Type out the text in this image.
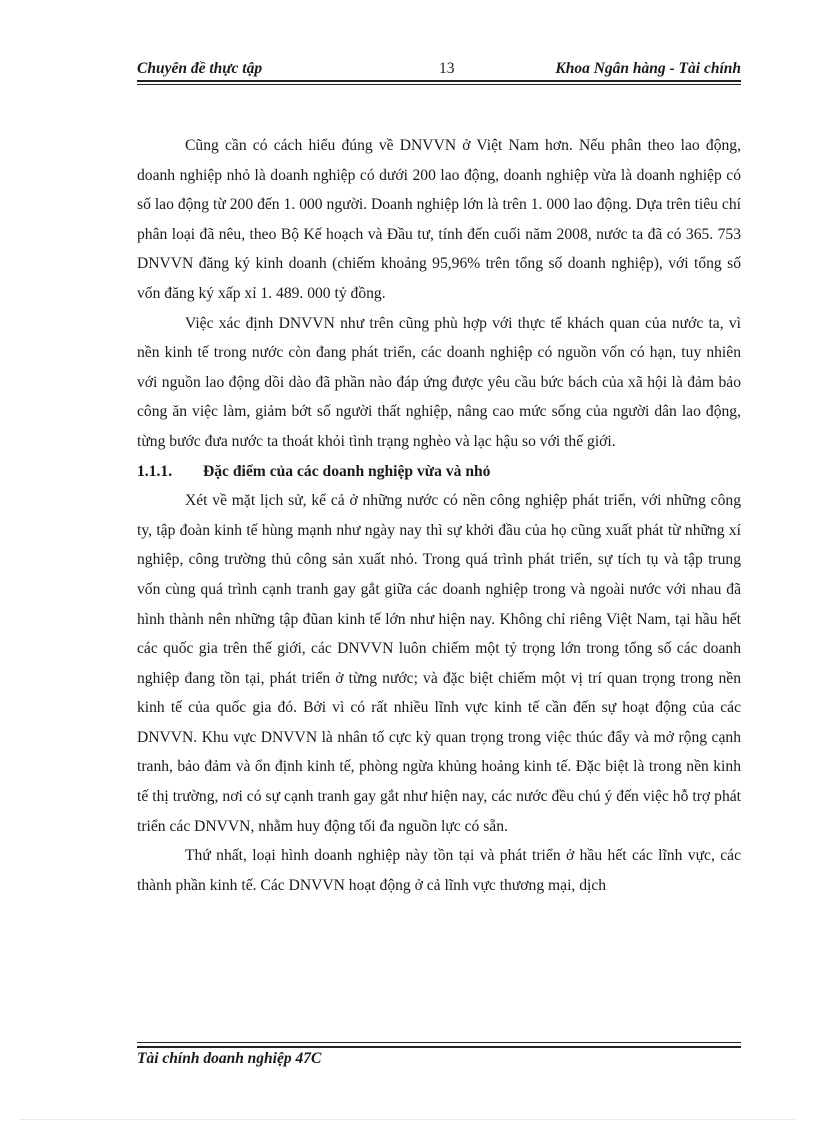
Chuyên đề thực tập	13	Khoa Ngân hàng - Tài chính

Cũng cần có cách hiểu đúng về DNVVN ở Việt Nam hơn. Nếu phân theo lao động, doanh nghiệp nhỏ là doanh nghiệp có dưới 200 lao động, doanh nghiệp vừa là doanh nghiệp có số lao động từ 200 đến 1. 000 người. Doanh nghiệp lớn là trên 1. 000 lao động. Dựa trên tiêu chí phân loại đã nêu, theo Bộ Kế hoạch và Đầu tư, tính đến cuối năm 2008, nước ta đã có 365. 753 DNVVN đăng ký kinh doanh (chiếm khoảng 95,96% trên tổng số doanh nghiệp), với tổng số vốn đăng ký xấp xỉ 1. 489. 000 tỷ đồng.

Việc xác định DNVVN như trên cũng phù hợp với thực tế khách quan của nước ta, vì nền kinh tế trong nước còn đang phát triển, các doanh nghiệp có nguồn vốn có hạn, tuy nhiên với nguồn lao động dồi dào đã phần nào đáp ứng được yêu cầu bức bách của xã hội là đảm bảo công ăn việc làm, giảm bớt số người thất nghiệp, nâng cao mức sống của người dân lao động, từng bước đưa nước ta thoát khỏi tình trạng nghèo và lạc hậu so với thế giới.

1.1.1. Đặc điểm của các doanh nghiệp vừa và nhỏ

Xét về mặt lịch sử, kể cả ở những nước có nền công nghiệp phát triển, với những công ty, tập đoàn kinh tế hùng mạnh như ngày nay thì sự khởi đầu của họ cũng xuất phát từ những xí nghiệp, công trường thủ công sản xuất nhỏ. Trong quá trình phát triển, sự tích tụ và tập trung vốn cùng quá trình cạnh tranh gay gắt giữa các doanh nghiệp trong và ngoài nước với nhau đã hình thành nên những tập đũan kinh tế lớn như hiện nay. Không chỉ riêng Việt Nam, tại hầu hết các quốc gia trên thế giới, các DNVVN luôn chiếm một tỷ trọng lớn trong tổng số các doanh nghiệp đang tồn tại, phát triển ở từng nước; và đặc biệt chiếm một vị trí quan trọng trong nền kinh tế của quốc gia đó. Bởi vì có rất nhiều lĩnh vực kinh tế cần đến sự hoạt động của các DNVVN. Khu vực DNVVN là nhân tố cực kỳ quan trọng trong việc thúc đẩy và mở rộng cạnh tranh, bảo đảm và ổn định kinh tế, phòng ngừa khủng hoảng kinh tế. Đặc biệt là trong nền kinh tế thị trường, nơi có sự cạnh tranh gay gắt như hiện nay, các nước đều chú ý đến việc hỗ trợ phát triển các DNVVN, nhằm huy động tối đa nguồn lực có sẵn.

Thứ nhất, loại hình doanh nghiệp này tồn tại và phát triển ở hầu hết các lĩnh vực, các thành phần kinh tế. Các DNVVN hoạt động ở cả lĩnh vực thương mại, dịch

Tài chính doanh nghiệp 47C
